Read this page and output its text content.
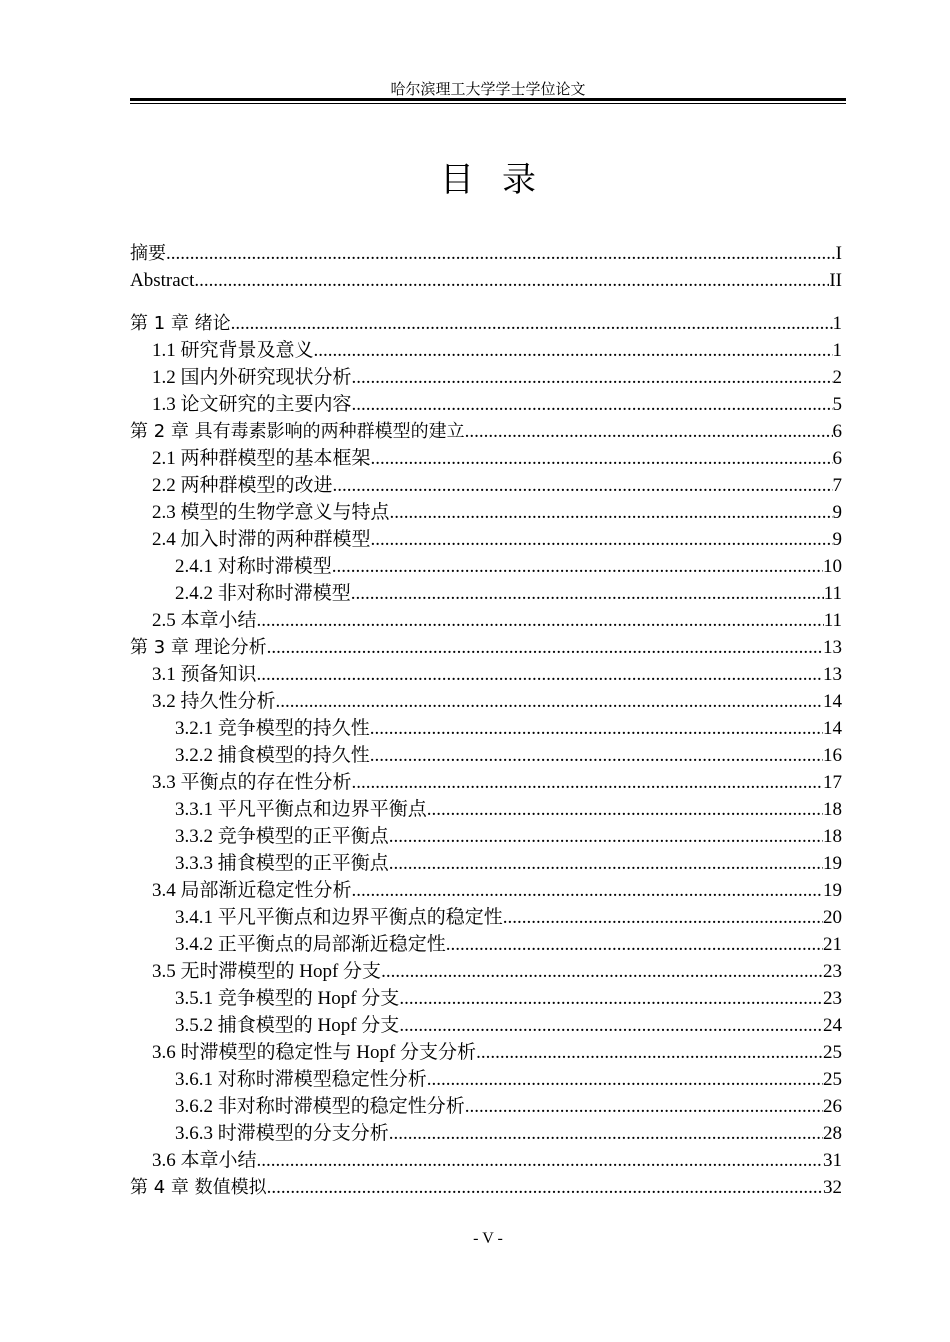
哈尔滨理工大学学士学位论文
目录
摘要 .....	I
Abstract .....	II
第 1 章 绪论 .....	1
1.1 研究背景及意义 .....	1
1.2 国内外研究现状分析 .....	2
1.3 论文研究的主要内容 .....	5
第 2 章 具有毒素影响的两种群模型的建立 .....	6
2.1 两种群模型的基本框架 .....	6
2.2 两种群模型的改进 .....	7
2.3 模型的生物学意义与特点 .....	9
2.4 加入时滞的两种群模型 .....	9
2.4.1 对称时滞模型 .....	10
2.4.2 非对称时滞模型 .....	11
2.5 本章小结 .....	11
第 3 章 理论分析 .....	13
3.1 预备知识 .....	13
3.2 持久性分析 .....	14
3.2.1 竞争模型的持久性 .....	14
3.2.2 捕食模型的持久性 .....	16
3.3 平衡点的存在性分析 .....	17
3.3.1 平凡平衡点和边界平衡点 .....	18
3.3.2 竞争模型的正平衡点 .....	18
3.3.3 捕食模型的正平衡点 .....	19
3.4 局部渐近稳定性分析 .....	19
3.4.1 平凡平衡点和边界平衡点的稳定性 .....	20
3.4.2 正平衡点的局部渐近稳定性 .....	21
3.5 无时滞模型的 Hopf 分支 .....	23
3.5.1 竞争模型的 Hopf 分支 .....	23
3.5.2 捕食模型的 Hopf 分支 .....	24
3.6 时滞模型的稳定性与 Hopf 分支分析 .....	25
3.6.1 对称时滞模型稳定性分析 .....	25
3.6.2 非对称时滞模型的稳定性分析 .....	26
3.6.3 时滞模型的分支分析 .....	28
3.6 本章小结 .....	31
第 4 章 数值模拟 .....	32
- V -
